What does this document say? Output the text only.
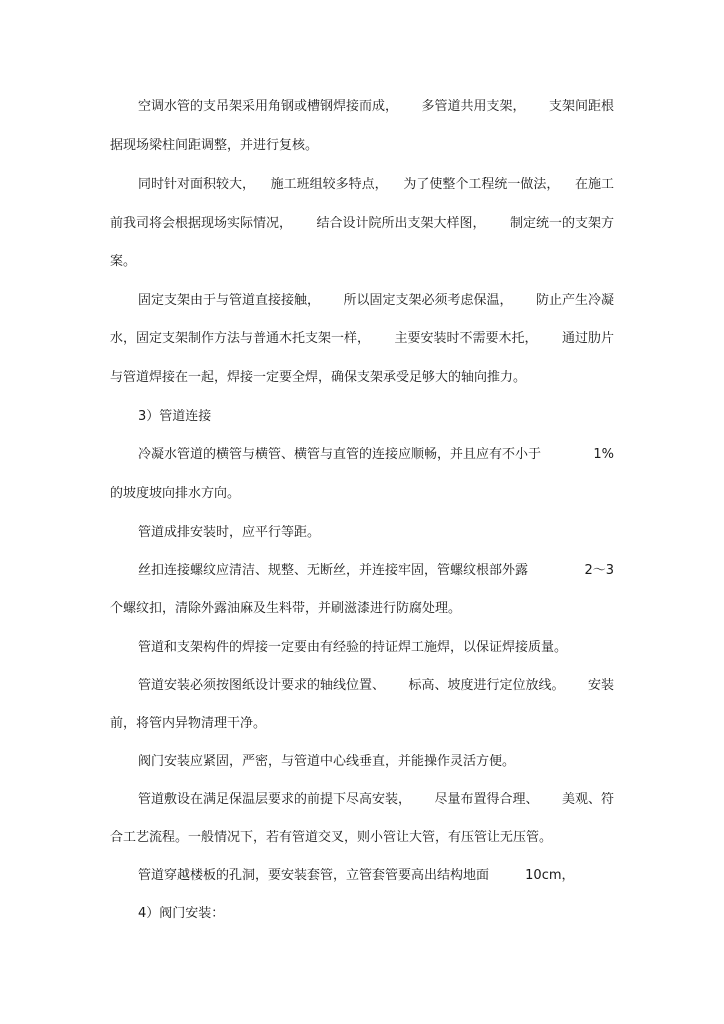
空调水管的支吊架采用角钢或槽钢焊接而成， 多管道共用支架， 支架间距根
据现场梁柱间距调整，并进行复核。
同时针对面积较大， 施工班组较多特点， 为了使整个工程统一做法， 在施工
前我司将会根据现场实际情况， 结合设计院所出支架大样图， 制定统一的支架方
案。
固定支架由于与管道直接接触， 所以固定支架必须考虑保温， 防止产生冷凝
水，固定支架制作方法与普通木托支架一样， 主要安装时不需要木托， 通过肋片
与管道焊接在一起，焊接一定要全焊，确保支架承受足够大的轴向推力。
3）管道连接
冷凝水管道的横管与横管、横管与直管的连接应顺畅，并且应有不小于	1%
的坡度坡向排水方向。
管道成排安装时，应平行等距。
丝扣连接螺纹应清洁、规整、无断丝，并连接牢固，管螺纹根部外露	2～3
个螺纹扣，清除外露油麻及生料带，并刷滋漆进行防腐处理。
管道和支架构件的焊接一定要由有经验的持证焊工施焊，以保证焊接质量。
管道安装必须按图纸设计要求的轴线位置、 标高、坡度进行定位放线。 安装
前，将管内异物清理干净。
阀门安装应紧固，严密，与管道中心线垂直，并能操作灵活方便。
管道敷设在满足保温层要求的前提下尽高安装， 尽量布置得合理、 美观、符
合工艺流程。一般情况下，若有管道交叉，则小管让大管，有压管让无压管。
管道穿越楼板的孔洞，要安装套管，立管套管要高出结构地面	10cm，
4）阀门安装：
